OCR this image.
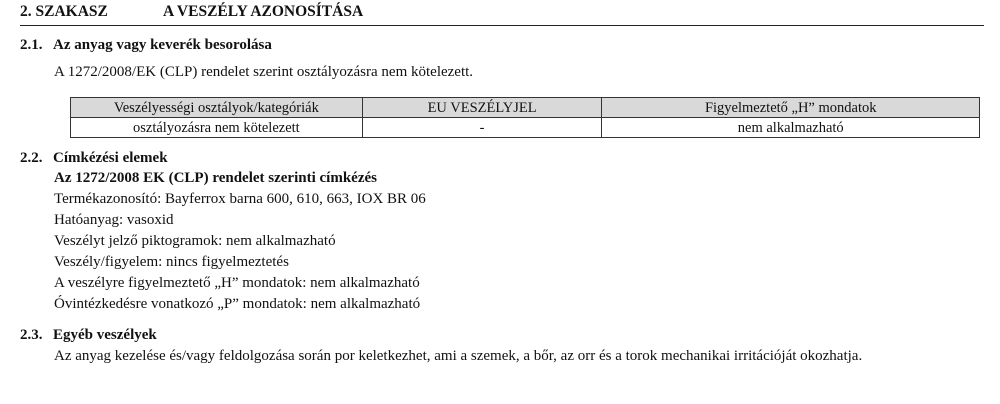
2. SZAKASZ	A VESZÉLY AZONOSÍTÁSA
2.1. Az anyag vagy keverék besorolása
A 1272/2008/EK (CLP) rendelet szerint osztályozásra nem kötelezett.
Veszélyességi osztályok/kategóriák	EU VESZÉLYJEL	Figyelmeztető „H” mondatok
osztályozásra nem kötelezett	-	nem alkalmazható
2.2. Címkézési elemek
Az 1272/2008 EK (CLP) rendelet szerinti címkézés
Termékazonosító: Bayferrox barna 600, 610, 663, IOX BR 06
Hatóanyag: vasoxid
Veszélyt jelző piktogramok: nem alkalmazható
Veszély/figyelem: nincs figyelmeztetés
A veszélyre figyelmeztető „H” mondatok: nem alkalmazható
Óvintézkedésre vonatkozó „P” mondatok: nem alkalmazható
2.3. Egyéb veszélyek
Az anyag kezelése és/vagy feldolgozása során por keletkezhet, ami a szemek, a bőr, az orr és a torok mechanikai irritációját okozhatja.
